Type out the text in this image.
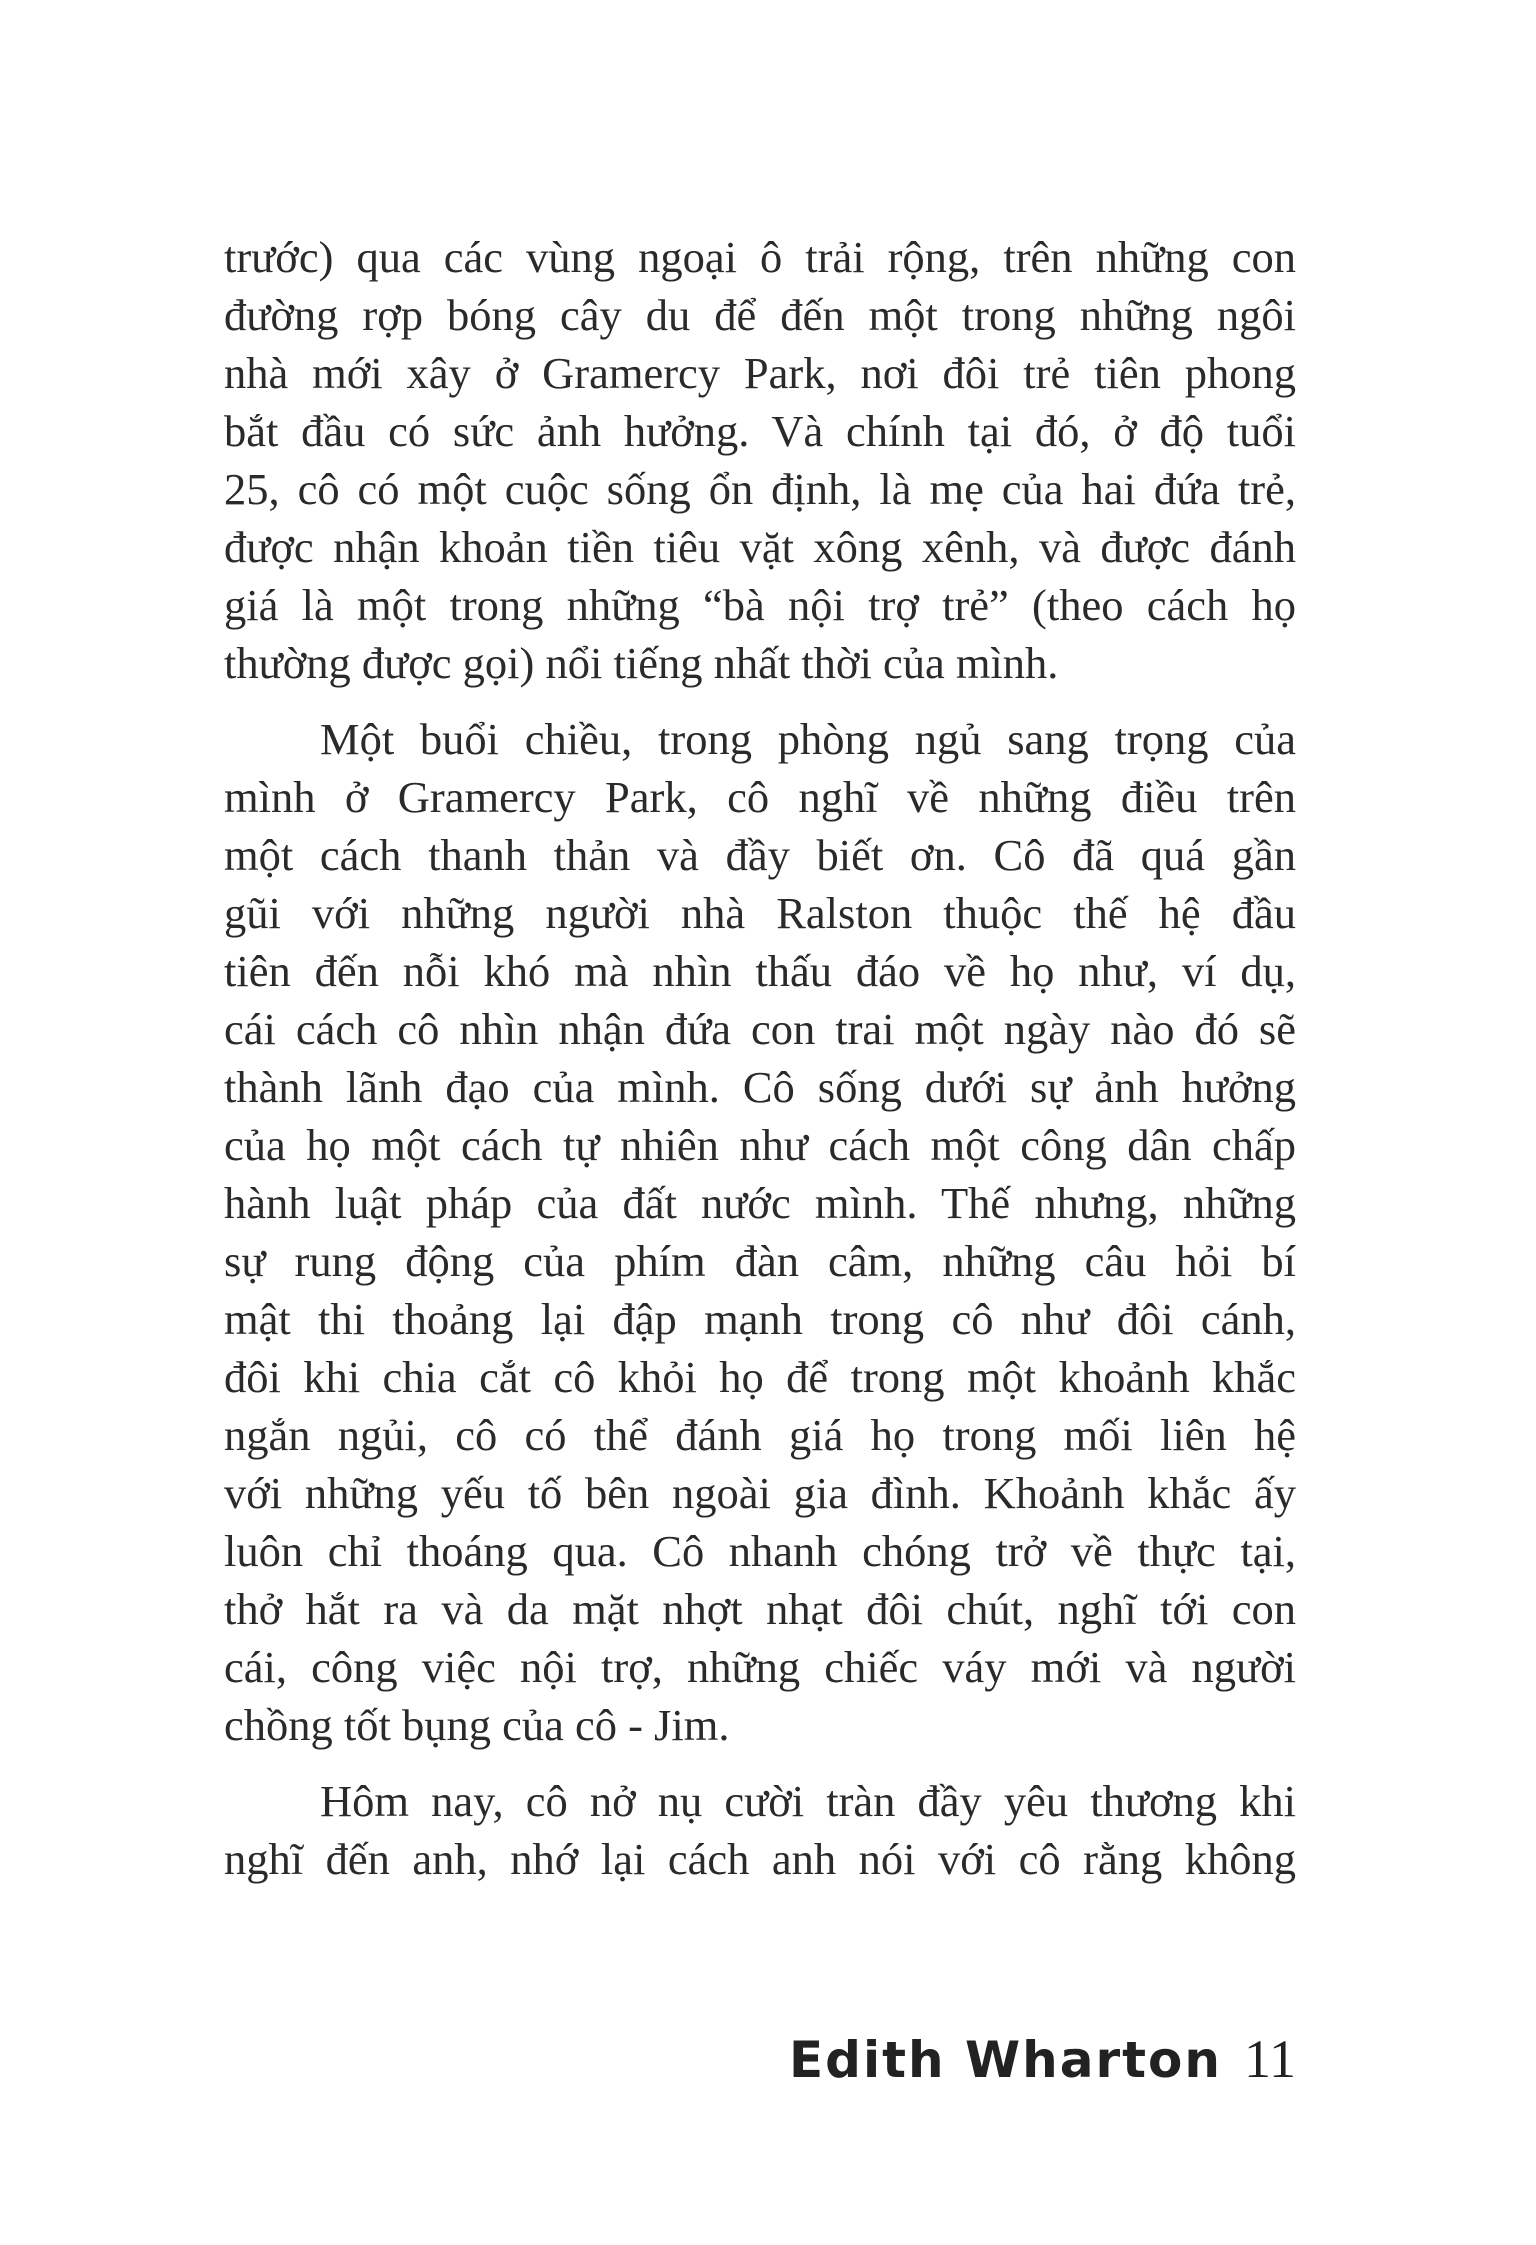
trước) qua các vùng ngoại ô trải rộng, trên những con
đường rợp bóng cây du để đến một trong những ngôi
nhà mới xây ở Gramercy Park, nơi đôi trẻ tiên phong
bắt đầu có sức ảnh hưởng. Và chính tại đó, ở độ tuổi
25, cô có một cuộc sống ổn định, là mẹ của hai đứa trẻ,
được nhận khoản tiền tiêu vặt xông xênh, và được đánh
giá là một trong những “bà nội trợ trẻ” (theo cách họ
thường được gọi) nổi tiếng nhất thời của mình.
Một buổi chiều, trong phòng ngủ sang trọng của
mình ở Gramercy Park, cô nghĩ về những điều trên
một cách thanh thản và đầy biết ơn. Cô đã quá gần
gũi với những người nhà Ralston thuộc thế hệ đầu
tiên đến nỗi khó mà nhìn thấu đáo về họ như, ví dụ,
cái cách cô nhìn nhận đứa con trai một ngày nào đó sẽ
thành lãnh đạo của mình. Cô sống dưới sự ảnh hưởng
của họ một cách tự nhiên như cách một công dân chấp
hành luật pháp của đất nước mình. Thế nhưng, những
sự rung động của phím đàn câm, những câu hỏi bí
mật thi thoảng lại đập mạnh trong cô như đôi cánh,
đôi khi chia cắt cô khỏi họ để trong một khoảnh khắc
ngắn ngủi, cô có thể đánh giá họ trong mối liên hệ
với những yếu tố bên ngoài gia đình. Khoảnh khắc ấy
luôn chỉ thoáng qua. Cô nhanh chóng trở về thực tại,
thở hắt ra và da mặt nhợt nhạt đôi chút, nghĩ tới con
cái, công việc nội trợ, những chiếc váy mới và người
chồng tốt bụng của cô - Jim.
Hôm nay, cô nở nụ cười tràn đầy yêu thương khi
nghĩ đến anh, nhớ lại cách anh nói với cô rằng không
Edith Wharton 11
